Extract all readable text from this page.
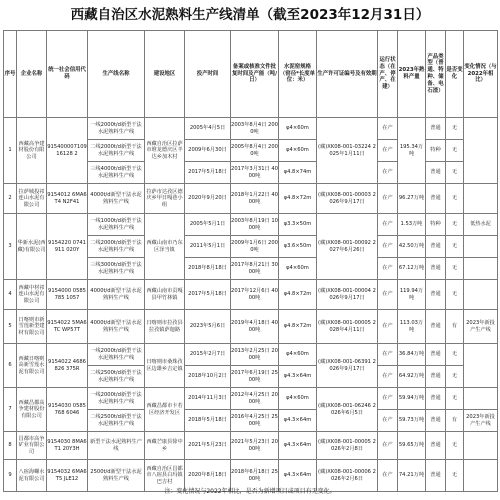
西藏自治区水泥熟料生产线清单（截至2023年12月31日）
序号	企业名称	统一社会信用代码	生产线名称	建设地区	投产时间	备案或核准文件批复时间及产能（吨/日）	水泥窑规格（窑径*长度单位：米）	生产许可证编号及有效期	运行状态（在产、停产、在建）	2023年熟料产量	产品类型（普通、特种、储备、电石渣）	是否变化	变化情况（与2022年相比）
1	西藏高争建材股份有限公司	91540000710916128 2	一线2000t/d新型干法水泥熟料生产线	西藏自治区拉萨市堆龙德庆区羊达乡加木村	2005年4月5日	2003年8月4日 2000吨	φ4×60m	(藏)XK08-001-03224 2025年1月11日	在产	195.34万吨	普通	无	
			二线2000t/d新型干法水泥熟料生产线		2009年6月30日	2005年8月4日 2000吨	φ4×60m		在产		特种	无	
			三线4000t/d新型干法水泥熟料生产线		2017年5月18日	2017年3月31日 4000吨	φ4.8×74m		在产		普通	无	
2	拉萨城投祁连山水泥有限公司	9154012 6MA6T4 N2F41	4000t/d新型干法水泥熟料生产线	拉萨市达孜区德庆乡甲日嘎巷小组	2020年9月20日	2018年1月22日 4000吨	φ4.8×72m	(藏)XK08-001-00003 2026年9月17日	在产	96.27万吨	普通	无	
3	华新水泥(西藏)有限公司	9154220 0741911 020Y	一线1000t/d新型干法水泥熟料生产线	西藏山南市乃东区泽当镇	2005年5月1日	2003年8月19日 1000吨	φ3.3×50m	(藏)XK08-001-00092 2027年6月26日	在产	1.53万吨	特种	无	低热水泥
			二线2000t/d新型干法水泥熟料生产线		2011年5月1日	2009年1月6日 2000吨	φ3.6×50m		在产	42.50万吨	普通	无	
			三线3000t/d新型干法水泥熟料生产线		2018年8月18日	2017年8月21日 3000吨	φ4×60m		在产	67.12万吨	普通	无	
4	西藏中材祁连山水泥有限公司	9154000 0585785 1057	4000t/d新型干法水泥熟料生产线	西藏山南市贡嘎县甲竹林镇	2017年5月18日	2017年12月6日 4000吨	φ4.8×72m	(藏)XK08-001-00004 2026年9月17日	在产	119.94万吨	普通	无	
5	日喀则市新雪莲新型建材有限公司	9154022 5MA6TC WP57T	4000t/d新型干法水泥熟料生产线	日喀则市拉孜县拉孜镇萨迦路	2023年5月6日	2019年4月18日 4000吨	φ4.8×72m	(藏)XK08-001-00005 2028年4月11日	在产	113.03万吨	普通	有	2023年新投产生产线
6	西藏日喀则高新雪莲水泥有限公司	9154022 4686826 375R	一线2000t/d新型干法水泥熟料生产线	日喀则市桑珠孜区边雄乡吉定镇	2015年2月7日	2013年2月25日 2000吨	φ4×60m	(藏)XK08-001-06391 2026年9月17日	在产	36.84万吨	普通	无	
			二线2500t/d新型干法水泥熟料生产线		2018年10月2日	2017年6月19日 2500吨	φ4.3×64m		在产	64.92万吨	普通	无	
7	西藏昌都高争建材股份有限公司	9154030 0585768 6046	一线2000t/d新型干法水泥熟料生产线	西藏昌都市卡若区经济开发区	2014年11月3日	2012年4月25日 2000吨	φ4×60m	(藏)XK08-001-06246 2026年6月5日	在产	59.94万吨	普通	无	
			二线2500t/d新型干法水泥熟料生产线		2018年5月18日	2016年4月25日 2500吨	φ4.3×64m		在产	59.73万吨	普通	有	2023年新投产生产线
8	昌都市高争矿业有限公司	9154030 8MA6T1 20Y3H	新型干法水泥熟料生产线	西藏芒康县徐中乡	2021年5月23日	2021年5月23日 2000吨	φ4.3×64m	(藏)XK08-001-00005 2026年2月8日	在产	59.65万吨	普通	无	
9	八宿海螺水泥有限公司	9154032 6MA6T5 JLE12	2500t/d新型干法水泥熟料生产线	西藏自治区昌都市八宿县白玛镇巴吉村	2020年8月18日	2018年6月18日 2500吨	φ4.3×64m	(藏)XK08-001-00006 2026年2月6日	在产	74.21万吨	普通	无	
注：变化情况与2022年相比，是否为新增项目或项目有无变化。
